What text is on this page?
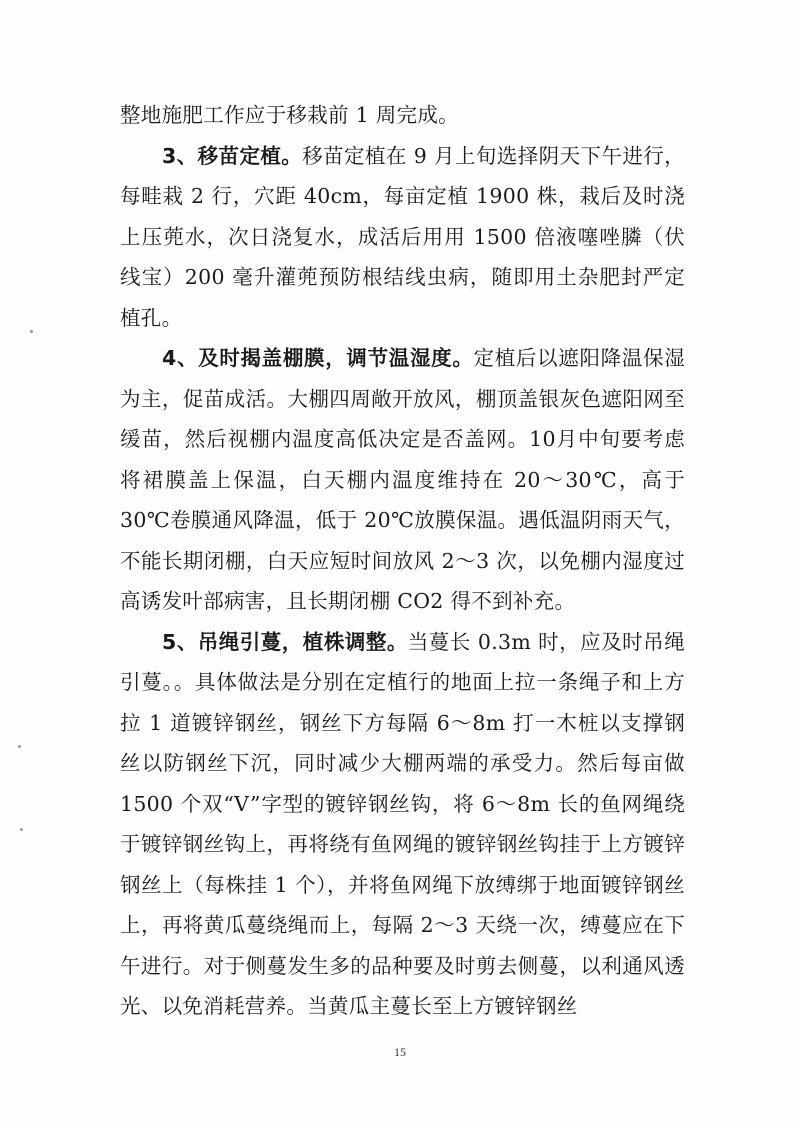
整地施肥工作应于移栽前 1 周完成。

3、移苗定植。移苗定植在 9 月上旬选择阴天下午进行，每畦栽 2 行，穴距 40cm，每亩定植 1900 株，栽后及时浇上压蔸水，次日浇复水，成活后用用 1500 倍液噻唑膦（伏线宝）200 毫升灌蔸预防根结线虫病，随即用土杂肥封严定植孔。

4、及时揭盖棚膜，调节温湿度。定植后以遮阳降温保湿为主，促苗成活。大棚四周敞开放风，棚顶盖银灰色遮阳网至缓苗，然后视棚内温度高低决定是否盖网。10月中旬要考虑将裙膜盖上保温，白天棚内温度维持在 20～30℃，高于30℃卷膜通风降温，低于 20℃放膜保温。遇低温阴雨天气，不能长期闭棚，白天应短时间放风 2～3 次，以免棚内湿度过高诱发叶部病害，且长期闭棚 CO2 得不到补充。

5、吊绳引蔓，植株调整。当蔓长 0.3m 时，应及时吊绳引蔓。。具体做法是分别在定植行的地面上拉一条绳子和上方拉 1 道镀锌钢丝，钢丝下方每隔 6～8m 打一木桩以支撑钢丝以防钢丝下沉，同时减少大棚两端的承受力。然后每亩做1500 个双“V”字型的镀锌钢丝钩，将 6～8m 长的鱼网绳绕于镀锌钢丝钩上，再将绕有鱼网绳的镀锌钢丝钩挂于上方镀锌钢丝上（每株挂 1 个），并将鱼网绳下放缚绑于地面镀锌钢丝上，再将黄瓜蔓绕绳而上，每隔 2～3 天绕一次，缚蔓应在下午进行。对于侧蔓发生多的品种要及时剪去侧蔓，以利通风透光、以免消耗营养。当黄瓜主蔓长至上方镀锌钢丝

15
